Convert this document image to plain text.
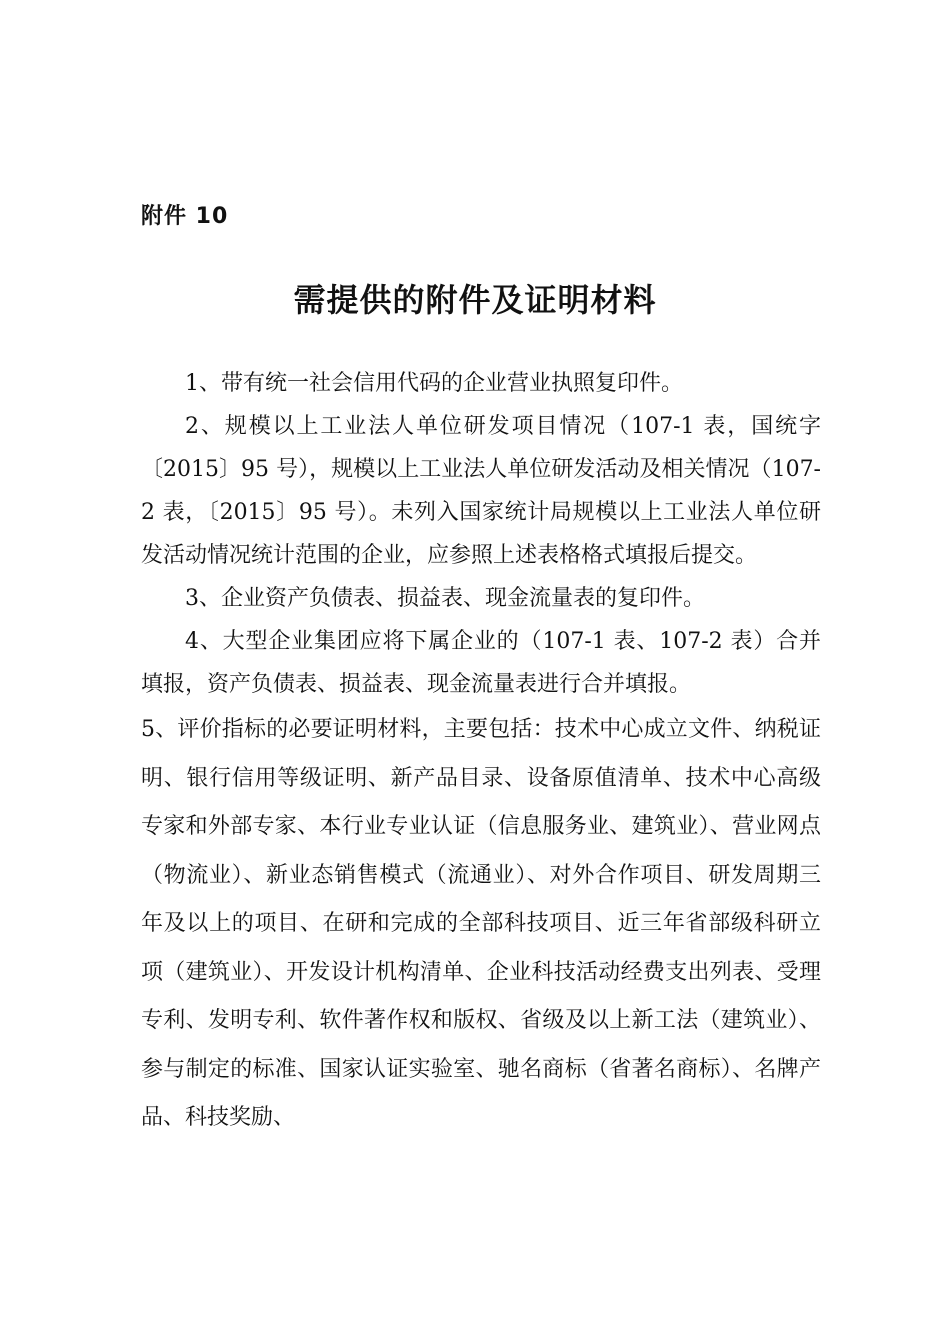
附件 10
需提供的附件及证明材料

1、带有统一社会信用代码的企业营业执照复印件。

2、规模以上工业法人单位研发项目情况（107-1 表，国统字〔2015〕95 号），规模以上工业法人单位研发活动及相关情况（107-2 表，〔2015〕95 号）。未列入国家统计局规模以上工业法人单位研发活动情况统计范围的企业，应参照上述表格格式填报后提交。

3、企业资产负债表、损益表、现金流量表的复印件。

4、大型企业集团应将下属企业的（107-1 表、107-2 表）合并填报，资产负债表、损益表、现金流量表进行合并填报。

5、评价指标的必要证明材料，主要包括：技术中心成立文件、纳税证明、银行信用等级证明、新产品目录、设备原值清单、技术中心高级专家和外部专家、本行业专业认证（信息服务业、建筑业）、营业网点（物流业）、新业态销售模式（流通业）、对外合作项目、研发周期三年及以上的项目、在研和完成的全部科技项目、近三年省部级科研立项（建筑业）、开发设计机构清单、企业科技活动经费支出列表、受理专利、发明专利、软件著作权和版权、省级及以上新工法（建筑业）、参与制定的标准、国家认证实验室、驰名商标（省著名商标）、名牌产品、科技奖励、
